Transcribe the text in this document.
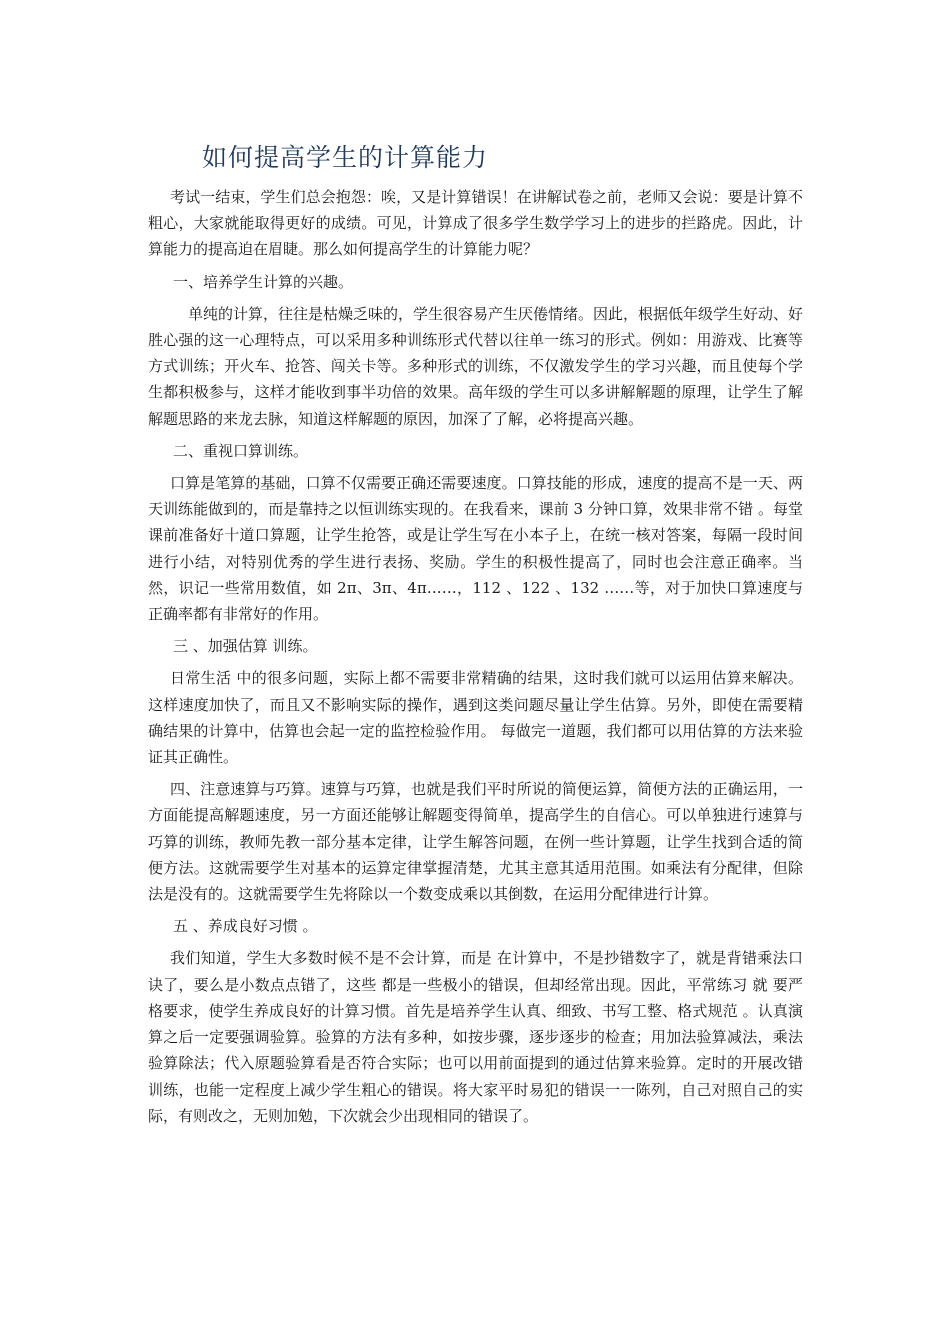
如何提高学生的计算能力

考试一结束，学生们总会抱怨：唉，又是计算错误！在讲解试卷之前，老师又会说：要是计算不粗心，大家就能取得更好的成绩。可见，计算成了很多学生数学学习上的进步的拦路虎。因此，计算能力的提高迫在眉睫。那么如何提高学生的计算能力呢？

一、培养学生计算的兴趣。

单纯的计算，往往是枯燥乏味的，学生很容易产生厌倦情绪。因此，根据低年级学生好动、好胜心强的这一心理特点，可以采用多种训练形式代替以往单一练习的形式。例如：用游戏、比赛等方式训练；开火车、抢答、闯关卡等。多种形式的训练，不仅激发学生的学习兴趣，而且使每个学生都积极参与，这样才能收到事半功倍的效果。高年级的学生可以多讲解解题的原理，让学生了解解题思路的来龙去脉，知道这样解题的原因，加深了了解，必将提高兴趣。

二、重视口算训练。

口算是笔算的基础，口算不仅需要正确还需要速度。口算技能的形成，速度的提高不是一天、两天训练能做到的，而是靠持之以恒训练实现的。在我看来，课前 3 分钟口算，效果非常不错 。每堂课前准备好十道口算题，让学生抢答，或是让学生写在小本子上，在统一核对答案，每隔一段时间进行小结，对特别优秀的学生进行表扬、奖励。学生的积极性提高了，同时也会注意正确率。当然，识记一些常用数值，如 2π、3π、4π……，112 、122 、132 ……等，对于加快口算速度与正确率都有非常好的作用。

三 、加强估算 训练。

日常生活 中的很多问题，实际上都不需要非常精确的结果，这时我们就可以运用估算来解决。这样速度加快了，而且又不影响实际的操作，遇到这类问题尽量让学生估算。另外，即使在需要精确结果的计算中，估算也会起一定的监控检验作用。 每做完一道题，我们都可以用估算的方法来验证其正确性。

四、注意速算与巧算。速算与巧算，也就是我们平时所说的简便运算，简便方法的正确运用，一方面能提高解题速度，另一方面还能够让解题变得简单，提高学生的自信心。可以单独进行速算与巧算的训练，教师先教一部分基本定律，让学生解答问题，在例一些计算题，让学生找到合适的简便方法。这就需要学生对基本的运算定律掌握清楚，尤其主意其适用范围。如乘法有分配律，但除法是没有的。这就需要学生先将除以一个数变成乘以其倒数，在运用分配律进行计算。

五 、养成良好习惯 。

我们知道，学生大多数时候不是不会计算，而是 在计算中，不是抄错数字了，就是背错乘法口诀了，要么是小数点点错了，这些 都是一些极小的错误，但却经常出现。因此，平常练习 就 要严格要求，使学生养成良好的计算习惯。首先是培养学生认真、细致、书写工整、格式规范 。认真演算之后一定要强调验算。验算的方法有多种，如按步骤，逐步逐步的检查；用加法验算减法，乘法验算除法；代入原题验算看是否符合实际；也可以用前面提到的通过估算来验算。定时的开展改错训练，也能一定程度上减少学生粗心的错误。将大家平时易犯的错误一一陈列，自己对照自己的实际，有则改之，无则加勉，下次就会少出现相同的错误了。
